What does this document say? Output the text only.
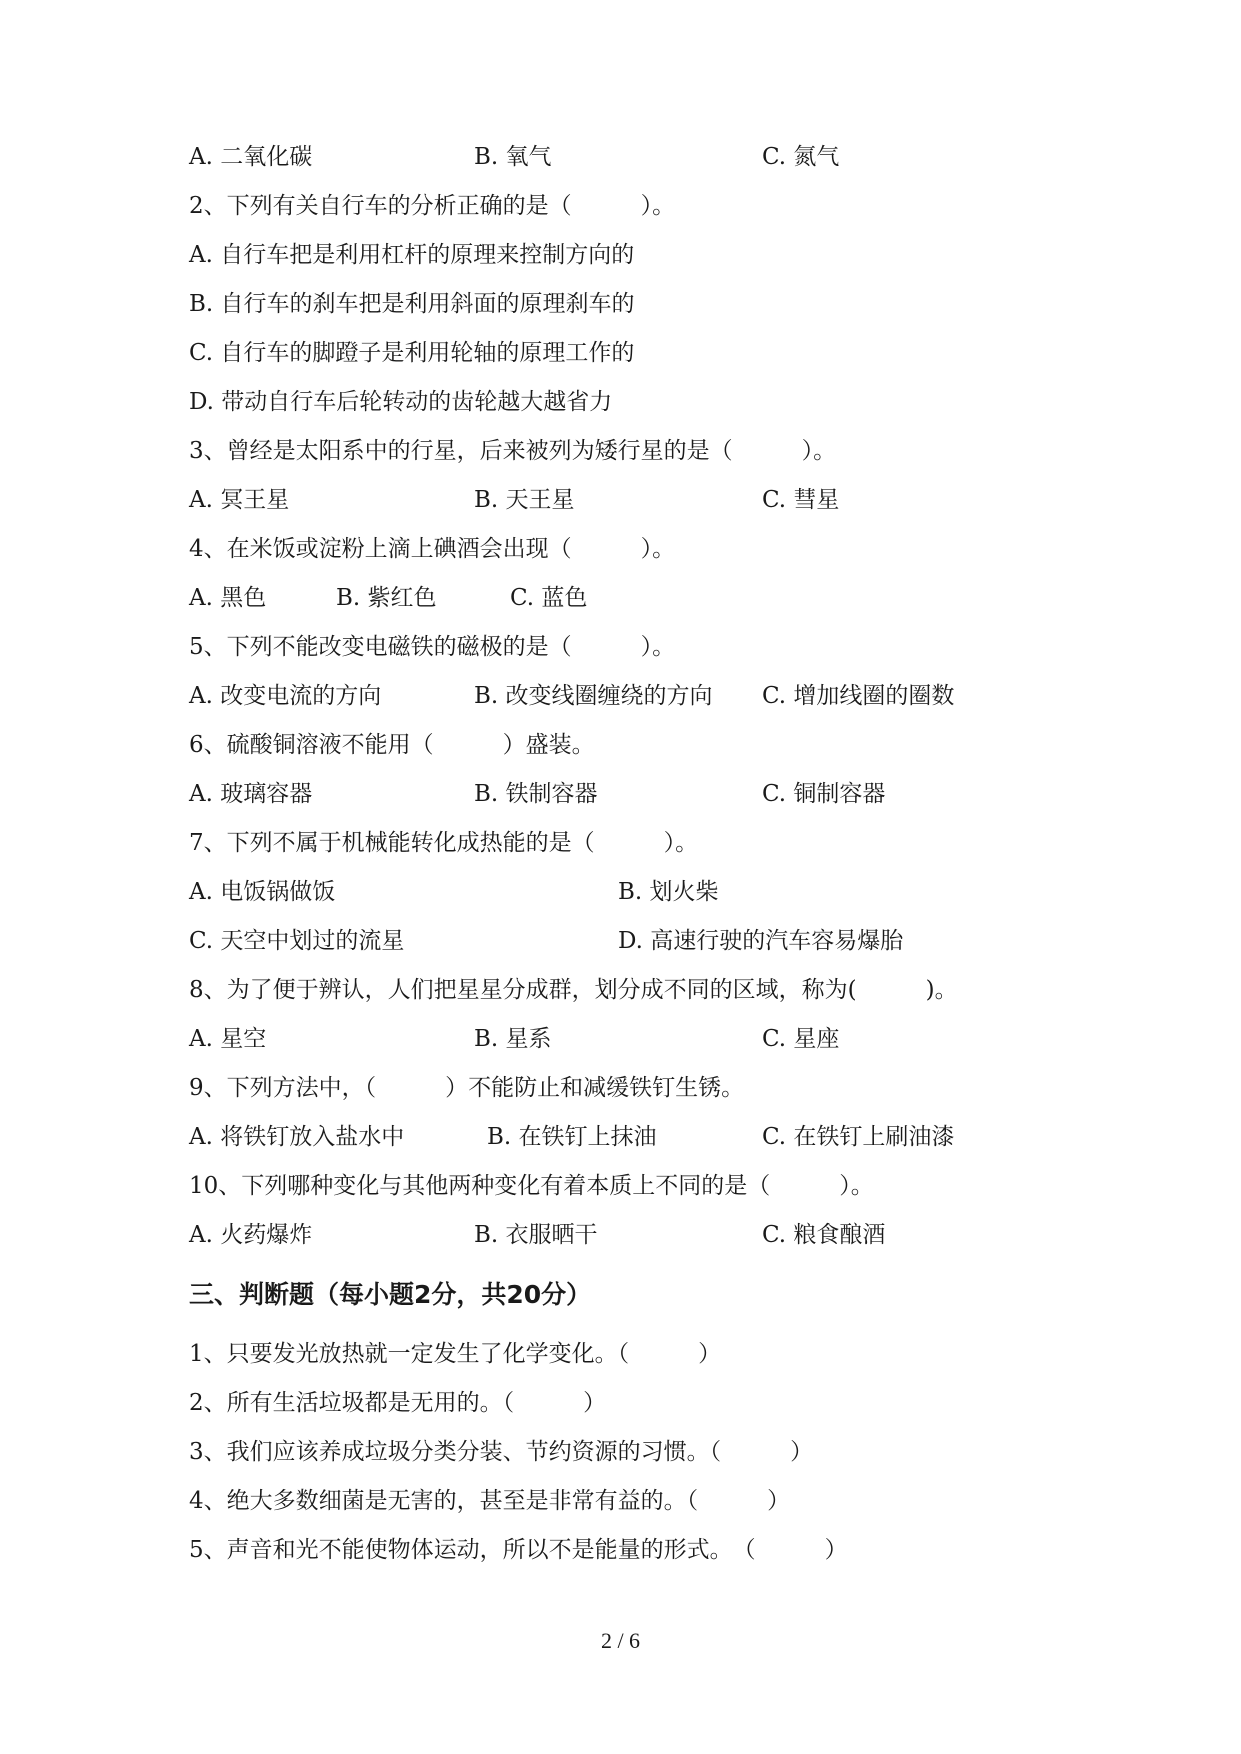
A. 二氧化碳	B. 氧气	C. 氮气
2、下列有关自行车的分析正确的是（　　　）。
A. 自行车把是利用杠杆的原理来控制方向的
B. 自行车的刹车把是利用斜面的原理刹车的
C. 自行车的脚蹬子是利用轮轴的原理工作的
D. 带动自行车后轮转动的齿轮越大越省力
3、曾经是太阳系中的行星，后来被列为矮行星的是（　　　）。
A. 冥王星	B. 天王星	C. 彗星
4、在米饭或淀粉上滴上碘酒会出现（　　　）。
A. 黑色	B. 紫红色	C. 蓝色
5、下列不能改变电磁铁的磁极的是（　　　）。
A. 改变电流的方向	B. 改变线圈缠绕的方向 C. 增加线圈的圈数
6、硫酸铜溶液不能用（　　　）盛装。
A. 玻璃容器	B. 铁制容器	C. 铜制容器
7、下列不属于机械能转化成热能的是（　　　）。
A. 电饭锅做饭	B. 划火柴
C. 天空中划过的流星	D. 高速行驶的汽车容易爆胎
8、为了便于辨认，人们把星星分成群，划分成不同的区域，称为(　　　)。
A. 星空	B. 星系	C. 星座
9、下列方法中，（　　　）不能防止和减缓铁钉生锈。
A. 将铁钉放入盐水中	B. 在铁钉上抹油	C. 在铁钉上刷油漆
10、下列哪种变化与其他两种变化有着本质上不同的是（　　　）。
A. 火药爆炸	B. 衣服晒干	C. 粮食酿酒
三、判断题（每小题2分，共20分）
1、只要发光放热就一定发生了化学变化。（　　　）
2、所有生活垃圾都是无用的。（　　　）
3、我们应该养成垃圾分类分装、节约资源的习惯。（　　　）
4、绝大多数细菌是无害的，甚至是非常有益的。（　　　）
5、声音和光不能使物体运动，所以不是能量的形式。　（　　　）
2 / 6
